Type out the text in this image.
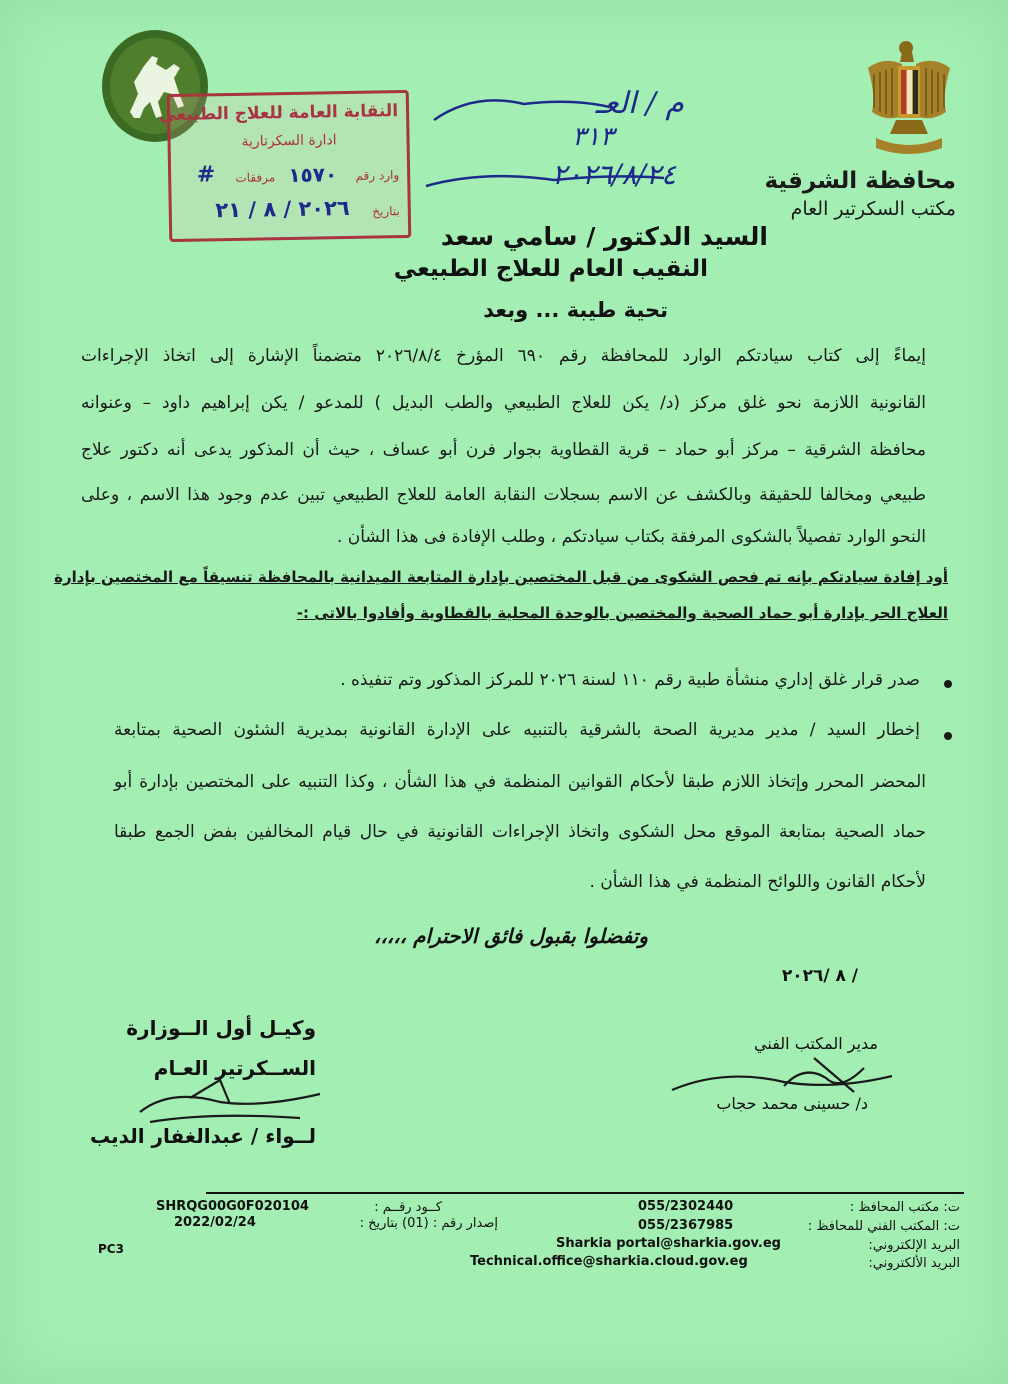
النقابة العامة للعلاج الطبيعي
ادارة السكرتارية
وارد رقم
١٥٧٠
مرفقات
#
بتاريخ
٢٠٢٦ / ٨ / ٢١
م / العـ
٣١٣
٢٠٢٦/٨/٢٤	محافظة الشرقية
مكتب السكرتير العام
السيد الدكتور / سامي سعد
النقيب العام للعلاج الطبيعي
تحية طيبة ... وبعد
إيماءً إلى كتاب سيادتكم الوارد للمحافظة رقم ٦٩٠ المؤرخ ٢٠٢٦/٨/٤ متضمناً الإشارة إلى اتخاذ الإجراءات
القانونية اللازمة نحو غلق مركز (د/ يكن للعلاج الطبيعي والطب البديل ) للمدعو / يكن إبراهيم داود – وعنوانه
محافظة الشرقية – مركز أبو حماد – قرية القطاوية بجوار فرن أبو عساف ، حيث أن المذكور يدعى أنه دكتور علاج
طبيعي ومخالفا للحقيقة وبالكشف عن الاسم بسجلات النقابة العامة للعلاج الطبيعي تبين عدم وجود هذا الاسم ، وعلى
النحو الوارد تفصيلاً بالشكوى المرفقة بكتاب سيادتكم ، وطلب الإفادة فى هذا الشأن .
أود إفادة سيادتكم بإنه تم فحص الشكوى من قبل المختصين بإدارة المتابعة الميدانية بالمحافظة تنسيقاً مع المختصين بإدارة
العلاج الحر بإدارة أبو حماد الصحية والمختصين بالوحدة المحلية بالقطاوية وأفادوا بالاتى :-
صدر قرار غلق إداري منشأة طبية رقم ١١٠ لسنة ٢٠٢٦ للمركز المذكور وتم تنفيذه .
إخطار السيد / مدير مديرية الصحة بالشرقية بالتنبيه على الإدارة القانونية بمديرية الشئون الصحية بمتابعة
المحضر المحرر وإتخاذ اللازم طبقا لأحكام القوانين المنظمة في هذا الشأن ، وكذا التنبيه على المختصين بإدارة أبو
حماد الصحية بمتابعة الموقع محل الشكوى واتخاذ الإجراءات القانونية في حال قيام المخالفين بفض الجمع طبقا
لأحكام القانون واللوائح المنظمة في هذا الشأن .
وتفضلوا بقبول فائق الاحترام ،،،،،
/ ٨ /٢٠٢٦
مدير المكتب الفني
د/ حسينى محمد حجاب
وكيـل أول الــوزارة
الســكرتير العـام
لــواء / عبدالغفار الديب
ت: مكتب المحافظ :
055/2302440
ت: المكتب الفني للمحافظ :
055/2367985
البريد الإلكتروني:
Sharkia portal@sharkia.gov.eg
البريد الألكتروني:
Technical.office@sharkia.cloud.gov.eg
كــود رقــم :
SHRQG00G0F020104
إصدار رقم : (01) بتاريخ :
2022/02/24
PC3
